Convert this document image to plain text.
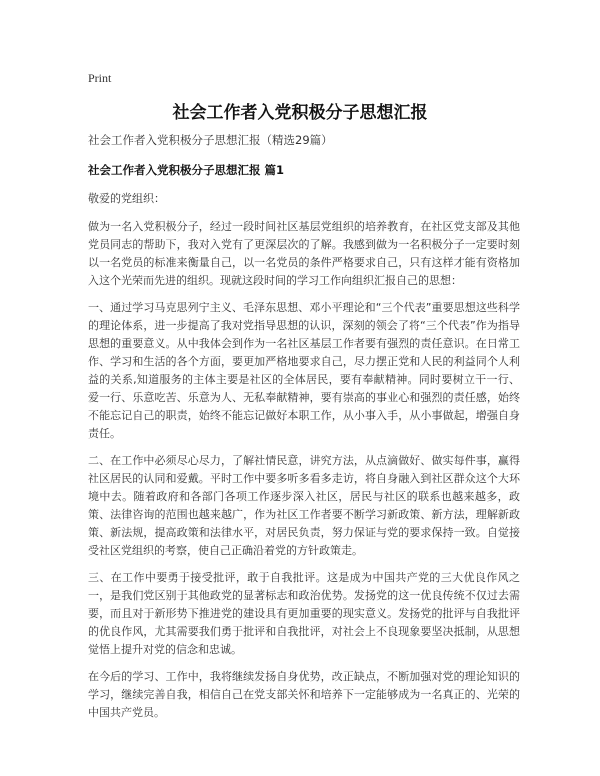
Print
社会工作者入党积极分子思想汇报
社会工作者入党积极分子思想汇报（精选29篇）
社会工作者入党积极分子思想汇报 篇1

敬爱的党组织：

做为一名入党积极分子，经过一段时间社区基层党组织的培养教育，在社区党支部及其他党员同志的帮助下，我对入党有了更深层次的了解。我感到做为一名积极分子一定要时刻以一名党员的标准来衡量自己，以一名党员的条件严格要求自己，只有这样才能有资格加入这个光荣而先进的组织。现就这段时间的学习工作向组织汇报自己的思想：

一、通过学习马克思列宁主义、毛泽东思想、邓小平理论和“三个代表”重要思想这些科学的理论体系，进一步提高了我对党指导思想的认识，深刻的领会了将“三个代表”作为指导思想的重要意义。从中我体会到作为一名社区基层工作者要有强烈的责任意识。在日常工作、学习和生活的各个方面，要更加严格地要求自己，尽力摆正党和人民的利益同个人利益的关系,知道服务的主体主要是社区的全体居民，要有奉献精神。同时要树立干一行、爱一行、乐意吃苦、乐意为人、无私奉献精神，要有崇高的事业心和强烈的责任感，始终不能忘记自己的职责，始终不能忘记做好本职工作，从小事入手，从小事做起，增强自身责任。

二、在工作中必须尽心尽力，了解社情民意，讲究方法，从点滴做好、做实每件事，赢得社区居民的认同和爱戴。平时工作中要多听多看多走访，将自身融入到社区群众这个大环境中去。随着政府和各部门各项工作逐步深入社区，居民与社区的联系也越来越多，政策、法律咨询的范围也越来越广，作为社区工作者要不断学习新政策、新方法，理解新政策、新法规，提高政策和法律水平，对居民负责，努力保证与党的要求保持一致。自觉接受社区党组织的考察，使自己正确沿着党的方针政策走。

三、在工作中要勇于接受批评，敢于自我批评。这是成为中国共产党的三大优良作风之一，是我们党区别于其他政党的显著标志和政治优势。发扬党的这一优良传统不仅过去需要，而且对于新形势下推进党的建设具有更加重要的现实意义。发扬党的批评与自我批评的优良作风，尤其需要我们勇于批评和自我批评，对社会上不良现象要坚决抵制，从思想觉悟上提升对党的信念和忠诚。

在今后的学习、工作中，我将继续发扬自身优势，改正缺点，不断加强对党的理论知识的学习，继续完善自我，相信自己在党支部关怀和培养下一定能够成为一名真正的、光荣的中国共产党员。
